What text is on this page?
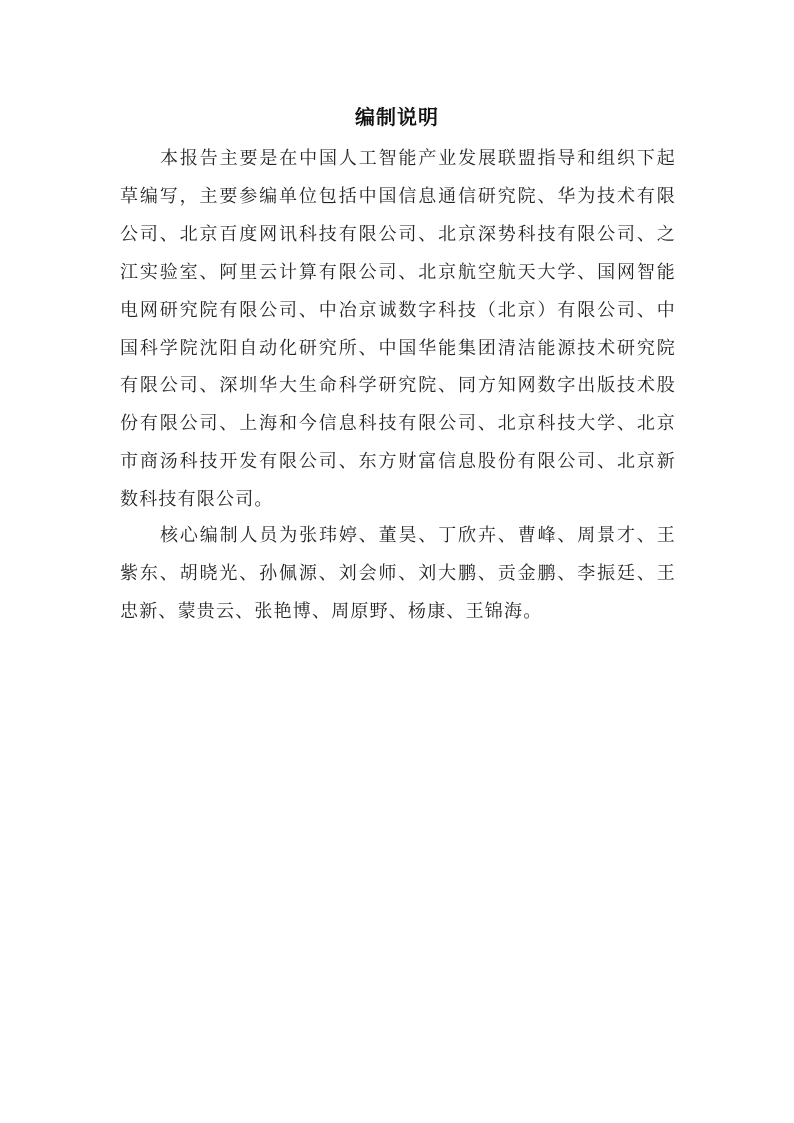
编制说明

本报告主要是在中国人工智能产业发展联盟指导和组织下起草编写，主要参编单位包括中国信息通信研究院、华为技术有限公司、北京百度网讯科技有限公司、北京深势科技有限公司、之江实验室、阿里云计算有限公司、北京航空航天大学、国网智能电网研究院有限公司、中冶京诚数字科技（北京）有限公司、中国科学院沈阳自动化研究所、中国华能集团清洁能源技术研究院有限公司、深圳华大生命科学研究院、同方知网数字出版技术股份有限公司、上海和今信息科技有限公司、北京科技大学、北京市商汤科技开发有限公司、东方财富信息股份有限公司、北京新数科技有限公司。

核心编制人员为张玮婷、董昊、丁欣卉、曹峰、周景才、王紫东、胡晓光、孙佩源、刘会师、刘大鹏、贡金鹏、李振廷、王忠新、蒙贵云、张艳博、周原野、杨康、王锦海。
